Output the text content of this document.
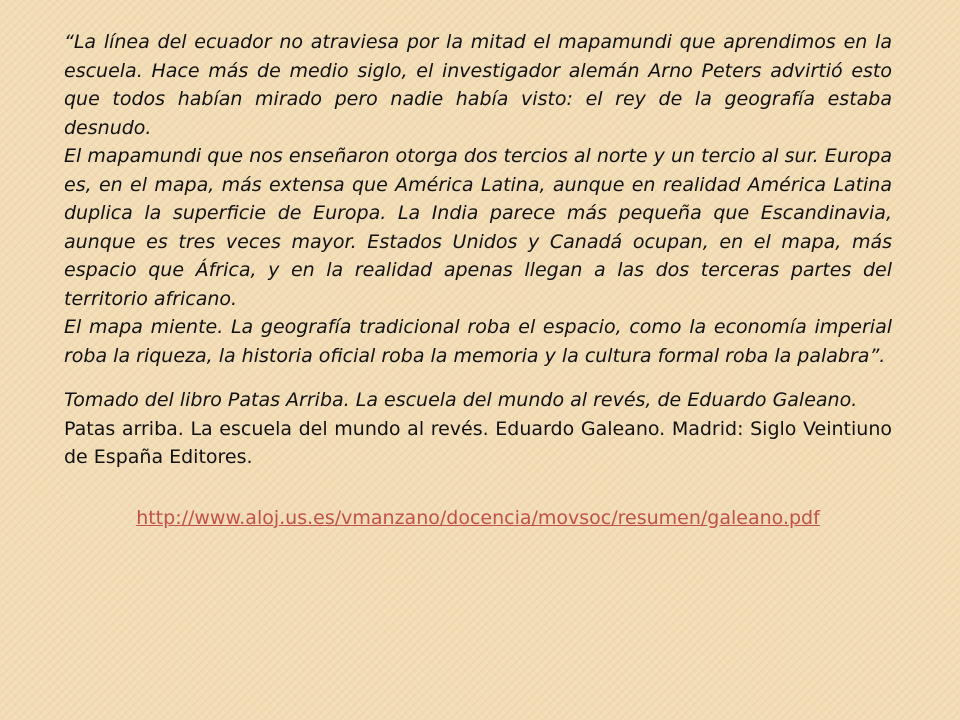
“La línea del ecuador no atraviesa por la mitad el mapamundi que aprendimos en la escuela. Hace más de medio siglo, el investigador alemán Arno Peters advirtió esto que todos habían mirado pero nadie había visto: el rey de la geografía estaba desnudo.

El mapamundi que nos enseñaron otorga dos tercios al norte y un tercio al sur. Europa es, en el mapa, más extensa que América Latina, aunque en realidad América Latina duplica la superficie de Europa. La India parece más pequeña que Escandinavia, aunque es tres veces mayor. Estados Unidos y Canadá ocupan, en el mapa, más espacio que África, y en la realidad apenas llegan a las dos terceras partes del territorio africano.

El mapa miente. La geografía tradicional roba el espacio, como la economía imperial roba la riqueza, la historia oficial roba la memoria y la cultura formal roba la palabra”.

Tomado del libro Patas Arriba. La escuela del mundo al revés, de Eduardo Galeano.

Patas arriba. La escuela del mundo al revés. Eduardo Galeano. Madrid: Siglo Veintiuno de España Editores.

http://www.aloj.us.es/vmanzano/docencia/movsoc/resumen/galeano.pdf
